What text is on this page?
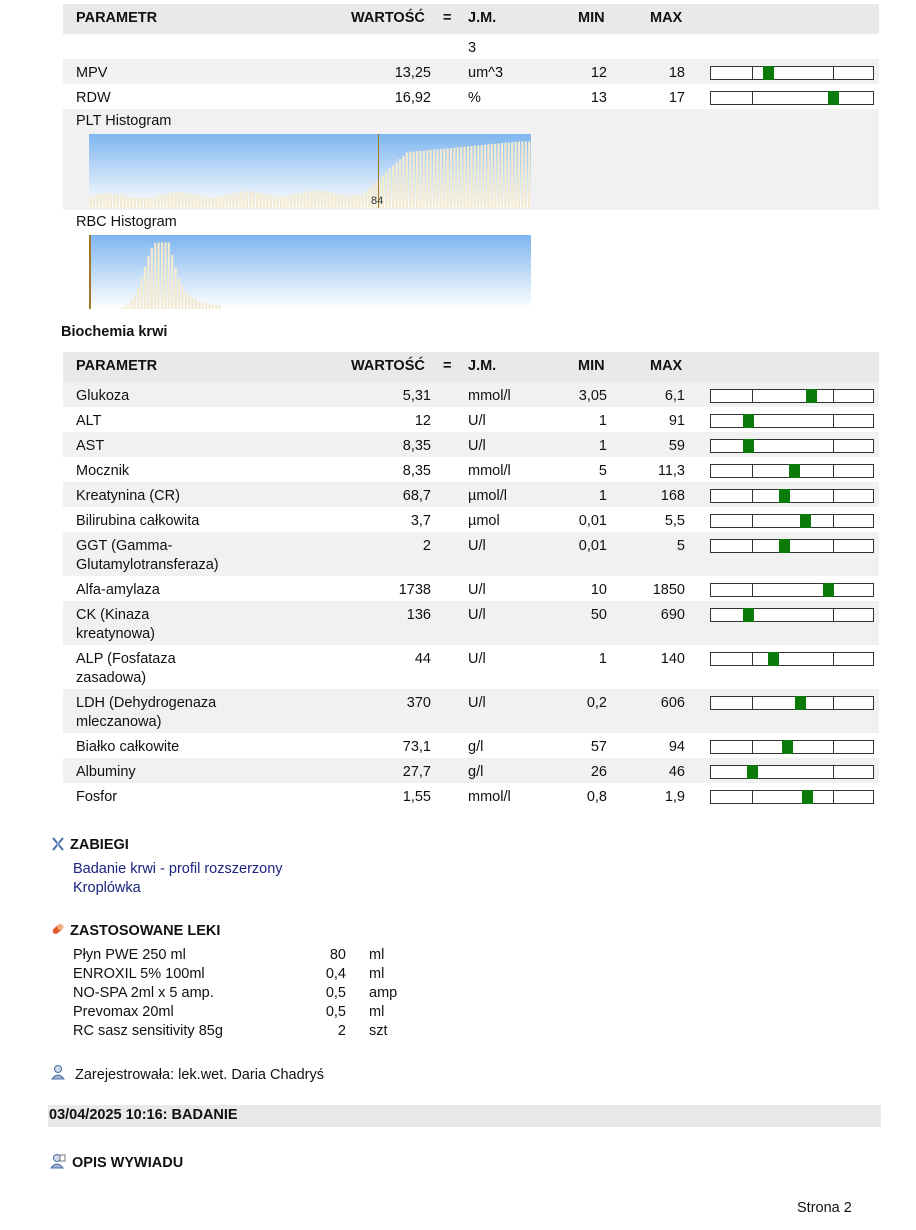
PARAMETR	WARTOŚĆ = J.M.	MIN	MAX
3
MPV	13,25	um^3	12	18
RDW	16,92	%	13	17
PLT Histogram
84
RBC Histogram
Biochemia krwi
PARAMETR	WARTOŚĆ = J.M.	MIN	MAX
Glukoza	5,31	mmol/l	3,05	6,1
ALT	12	U/l	1	91
AST	8,35	U/l	1	59
Mocznik	8,35	mmol/l	5	11,3
Kreatynina (CR)	68,7	µmol/l	1	168
Bilirubina całkowita	3,7	µmol	0,01	5,5
GGT (Gamma-
Glutamylotransferaza)
2	U/l	0,01	5
Alfa-amylaza	1738	U/l	10	1850
CK (Kinaza
kreatynowa)
136	U/l	50	690
ALP (Fosfataza
zasadowa)
44	U/l	1	140
LDH (Dehydrogenaza
mleczanowa)
370	U/l	0,2	606
Białko całkowite	73,1	g/l	57	94
Albuminy	27,7	g/l	26	46
Fosfor	1,55	mmol/l	0,8	1,9
ZABIEGI
Badanie krwi - profil rozszerzony
Kroplówka
ZASTOSOWANE LEKI
Płyn PWE 250 ml	80 ml
ENROXIL 5% 100ml	0,4 ml
NO-SPA 2ml x 5 amp.	0,5 amp
Prevomax 20ml	0,5 ml
RC sasz sensitivity 85g	2 szt
Zarejestrowała: lek.wet. Daria Chadryś
03/04/2025 10:16: BADANIE
OPIS WYWIADU
Strona 2
